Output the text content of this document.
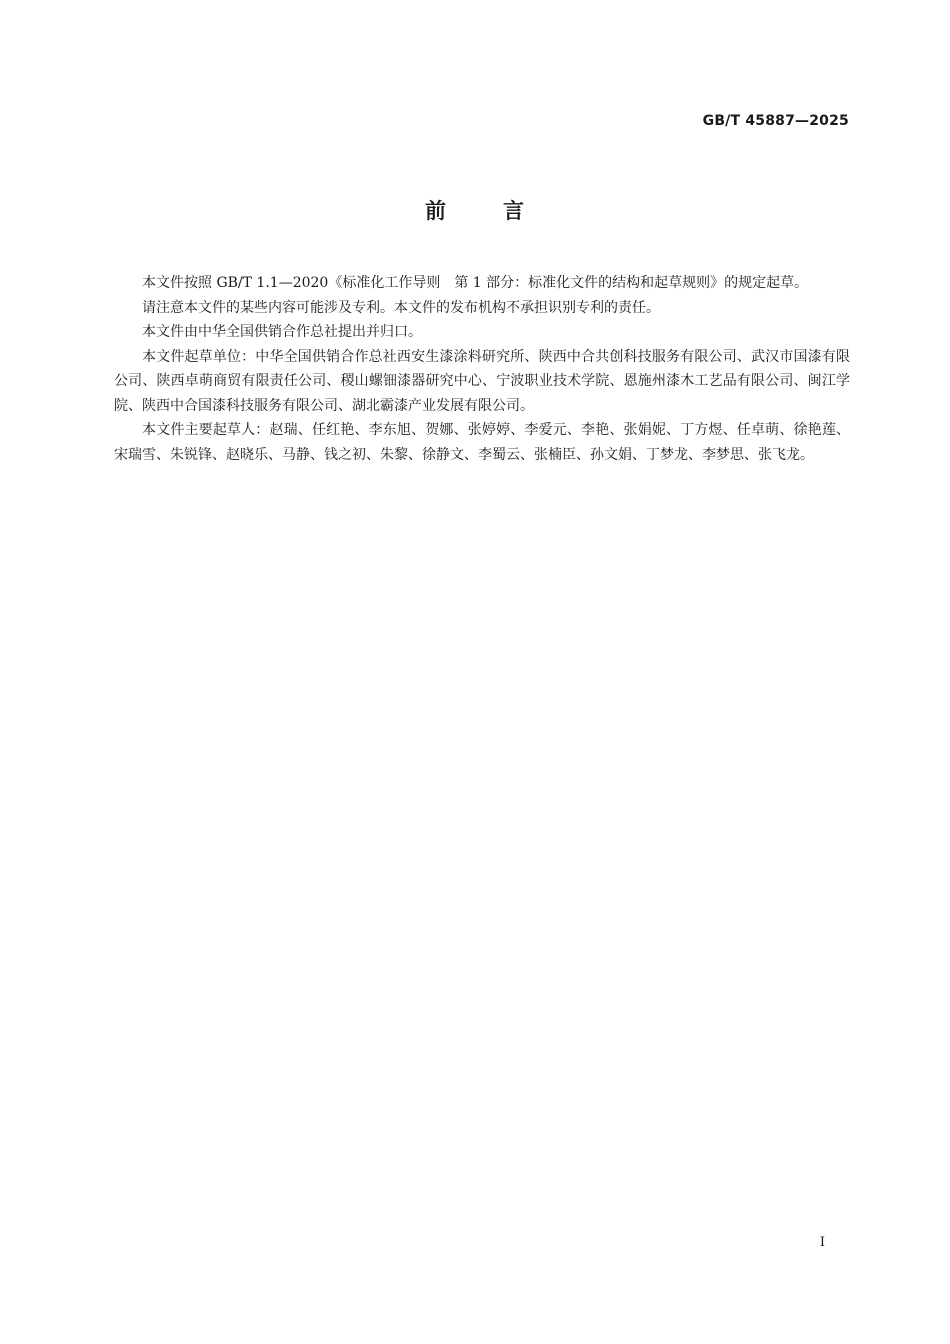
GB/T 45887—2025
前	言

本文件按照 GB/T 1.1—2020《标准化工作导则　第 1 部分：标准化文件的结构和起草规则》的规定起草。

请注意本文件的某些内容可能涉及专利。本文件的发布机构不承担识别专利的责任。

本文件由中华全国供销合作总社提出并归口。

本文件起草单位：中华全国供销合作总社西安生漆涂料研究所、陕西中合共创科技服务有限公司、武汉市国漆有限公司、陕西卓萌商贸有限责任公司、稷山螺钿漆器研究中心、宁波职业技术学院、恩施州漆木工艺品有限公司、闽江学院、陕西中合国漆科技服务有限公司、湖北霸漆产业发展有限公司。

本文件主要起草人：赵瑞、任红艳、李东旭、贺娜、张婷婷、李爱元、李艳、张娟妮、丁方煜、任卓萌、徐艳莲、宋瑞雪、朱锐锋、赵晓乐、马静、钱之初、朱黎、徐静文、李蜀云、张楠臣、孙文娟、丁梦龙、李梦思、张飞龙。

I
